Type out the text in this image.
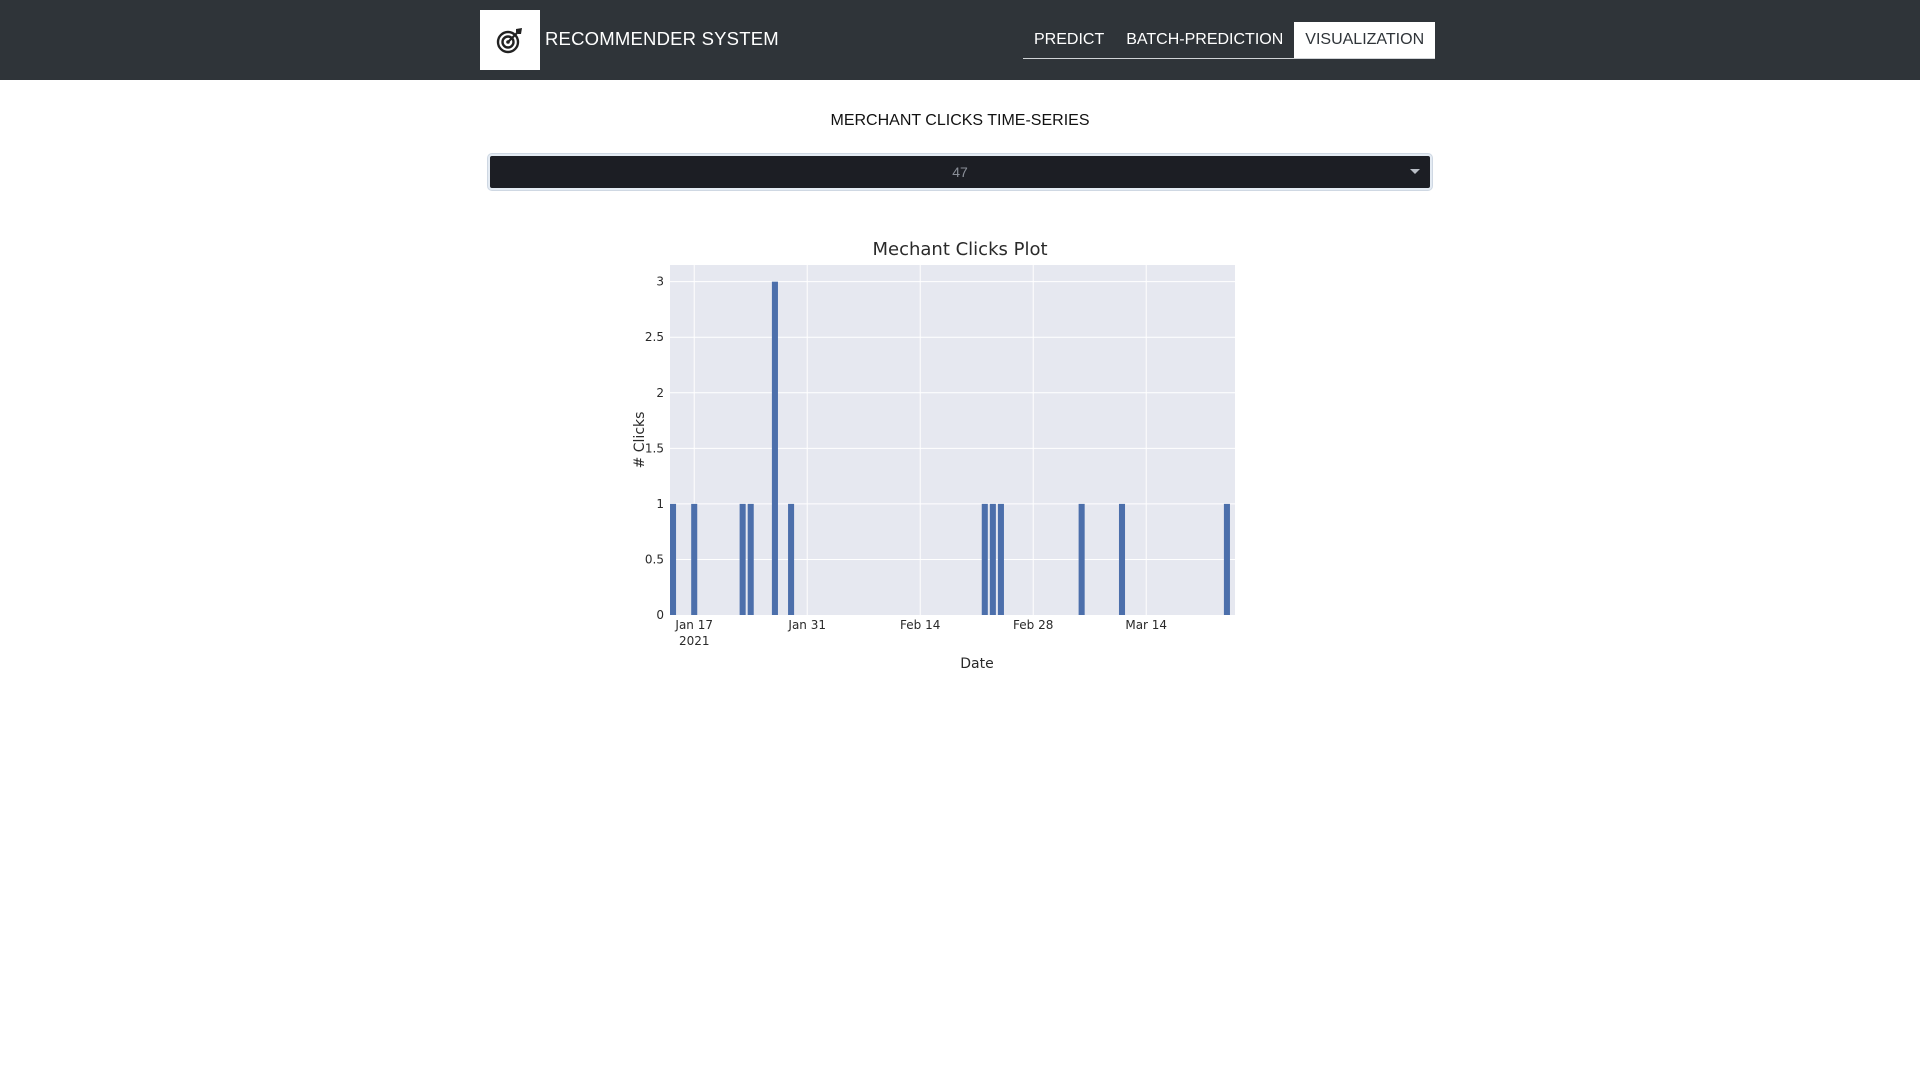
RECOMMENDER SYSTEM	PREDICT	BATCH-PREDICTION	VISUALIZATION
MERCHANT CLICKS TIME-SERIES
47
Mechant Clicks Plot
0
0.5
1
1.5
2
2.5
3
Jan 17
2021
Jan 31	Feb 14	Feb 28	Mar 14
Date
# Clicks
